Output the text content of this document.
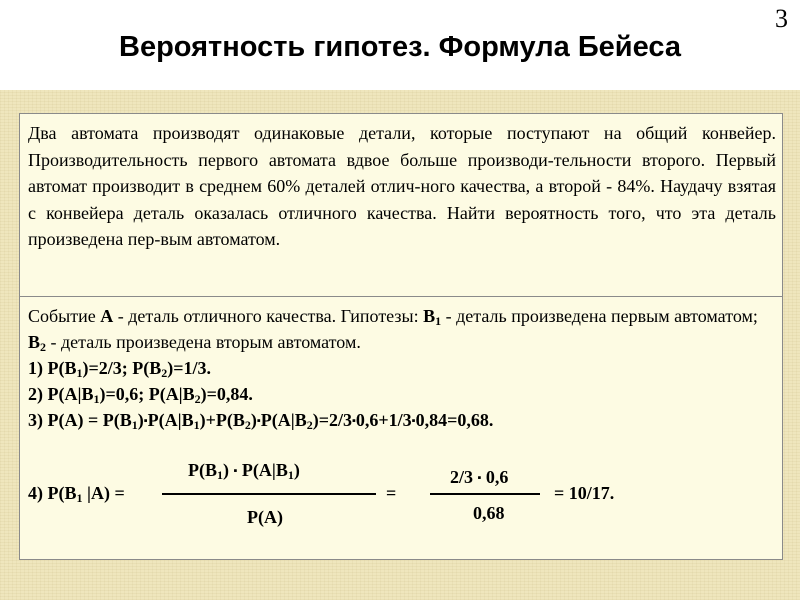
3
Вероятность гипотез. Формула Бейеса
Два автомата производят одинаковые детали, которые поступают на общий конвейер. Производительность первого автомата вдвое больше производи-тельности второго. Первый автомат производит в среднем 60% деталей отлич-ного качества, а второй - 84%. Наудачу взятая с конвейера деталь оказалась отличного качества. Найти вероятность того, что эта деталь произведена пер-вым автоматом.
Событие A - деталь отличного качества. Гипотезы: $B_1$ - деталь произведена первым автоматом; $B_2$ - деталь произведена вторым автоматом.
1) $P(B_1)=2/3$; $P(B_2)=1/3$.
2) $P(A|B_1)=0,6$; $P(A|B_2)=0,84$.
3) $P(A) = P(B_1)▪P(A|B_1)+P(B_2)▪P(A|B_2)=2/3▪0,6+1/3▪0,84=0,68$.
4) $P(B_1$ |A) =
$P(B_1)$ ▪ $P(A|B_1)$
P(A)
=
2/3 ▪ 0,6
0,68
= 10/17.
